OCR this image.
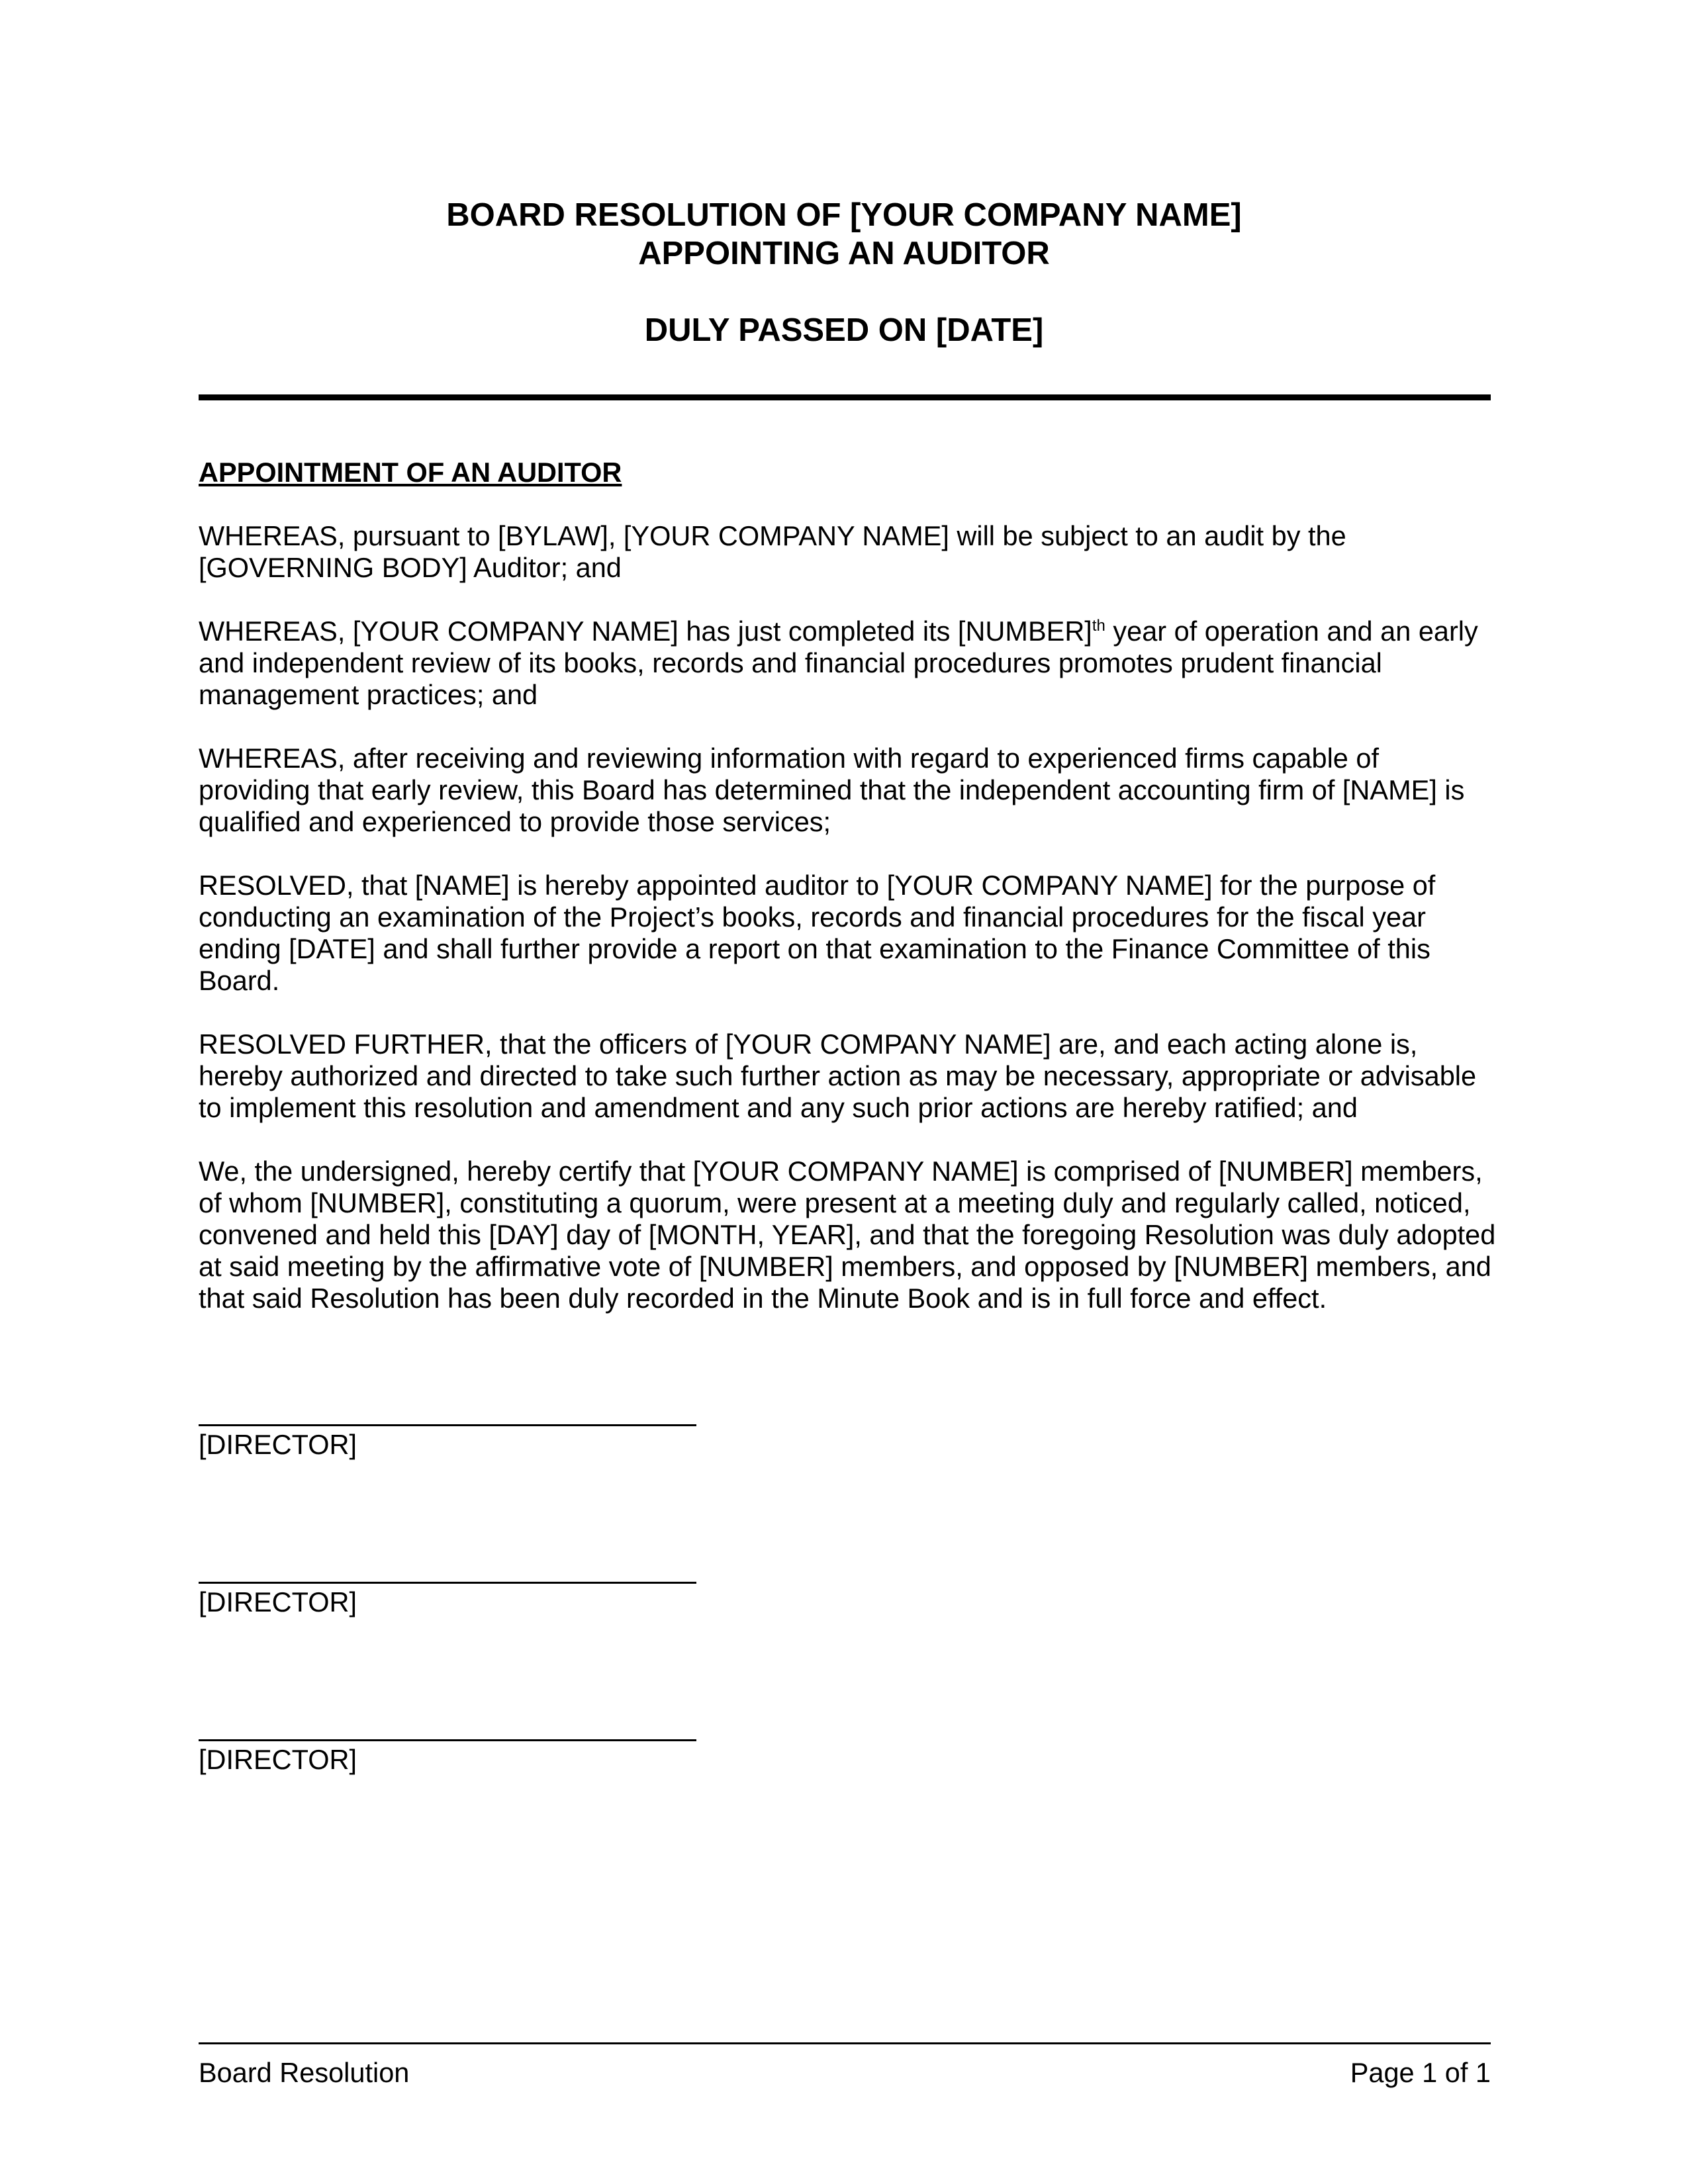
BOARD RESOLUTION OF [YOUR COMPANY NAME]
APPOINTING AN AUDITOR
DULY PASSED ON [DATE]

APPOINTMENT OF AN AUDITOR

WHEREAS, pursuant to [BYLAW], [YOUR COMPANY NAME] will be subject to an audit by the [GOVERNING BODY] Auditor; and

WHEREAS, [YOUR COMPANY NAME] has just completed its [NUMBER]$^{th}$ year of operation and an early and independent review of its books, records and financial procedures promotes prudent financial management practices; and

WHEREAS, after receiving and reviewing information with regard to experienced firms capable of providing that early review, this Board has determined that the independent accounting firm of [NAME] is qualified and experienced to provide those services;

RESOLVED, that [NAME] is hereby appointed auditor to [YOUR COMPANY NAME] for the purpose of conducting an examination of the Project’s books, records and financial procedures for the fiscal year ending [DATE] and shall further provide a report on that examination to the Finance Committee of this Board.

RESOLVED FURTHER, that the officers of [YOUR COMPANY NAME] are, and each acting alone is, hereby authorized and directed to take such further action as may be necessary, appropriate or advisable to implement this resolution and amendment and any such prior actions are hereby ratified; and

We, the undersigned, hereby certify that [YOUR COMPANY NAME] is comprised of [NUMBER] members, of whom [NUMBER], constituting a quorum, were present at a meeting duly and regularly called, noticed, convened and held this [DAY] day of [MONTH, YEAR], and that the foregoing Resolution was duly adopted at said meeting by the affirmative vote of [NUMBER] members, and opposed by [NUMBER] members, and that said Resolution has been duly recorded in the Minute Book and is in full force and effect.

[DIRECTOR]
[DIRECTOR]
[DIRECTOR]
Board Resolution	Page 1 of 1
